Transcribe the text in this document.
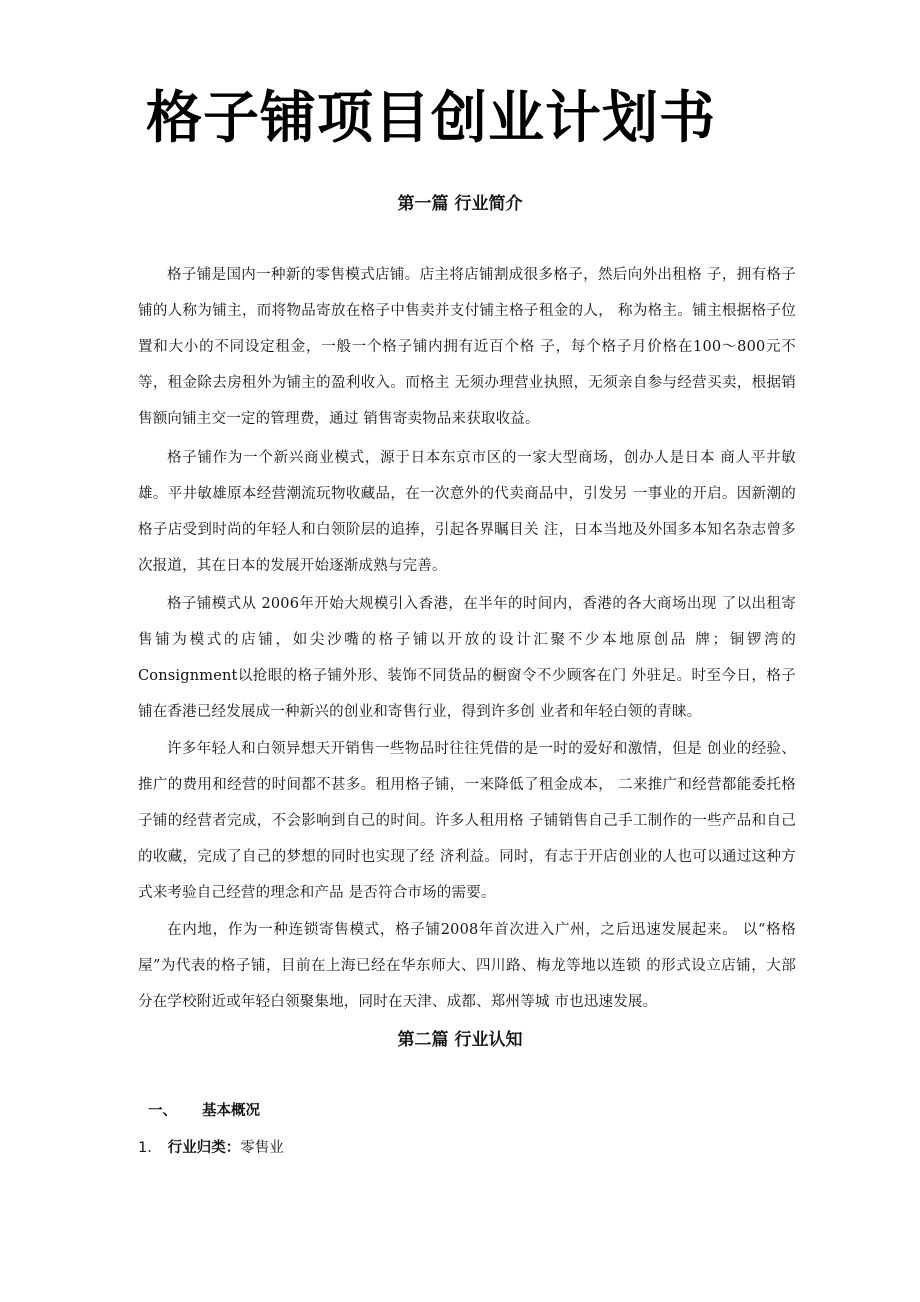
格子铺项目创业计划书
第一篇 行业简介

格子铺是国内一种新的零售模式店铺。店主将店铺割成很多格子，然后向外出租格 子，拥有格子铺的人称为铺主，而将物品寄放在格子中售卖并支付铺主格子租金的人， 称为格主。铺主根据格子位置和大小的不同设定租金，一般一个格子铺内拥有近百个格 子，每个格子月价格在100～800元不等，租金除去房租外为铺主的盈利收入。而格主 无须办理营业执照，无须亲自参与经营买卖，根据销售额向铺主交一定的管理费，通过 销售寄卖物品来获取收益。

格子铺作为一个新兴商业模式，源于日本东京市区的一家大型商场，创办人是日本 商人平井敏雄。平井敏雄原本经营潮流玩物收藏品，在一次意外的代卖商品中，引发另 一事业的开启。因新潮的格子店受到时尚的年轻人和白领阶层的追捧，引起各界瞩目关 注，日本当地及外国多本知名杂志曾多次报道，其在日本的发展开始逐渐成熟与完善。

格子铺模式从 2006年开始大规模引入香港，在半年的时间内，香港的各大商场出现 了以出租寄售铺为模式的店铺，如尖沙嘴的格子铺以开放的设计汇聚不少本地原创品 牌；铜锣湾的Consignment以抢眼的格子铺外形、装饰不同货品的橱窗令不少顾客在门 外驻足。时至今日，格子铺在香港已经发展成一种新兴的创业和寄售行业，得到许多创 业者和年轻白领的青睐。

许多年轻人和白领异想天开销售一些物品时往往凭借的是一时的爱好和激情，但是 创业的经验、推广的费用和经营的时间都不甚多。租用格子铺，一来降低了租金成本， 二来推广和经营都能委托格子铺的经营者完成，不会影响到自己的时间。许多人租用格 子铺销售自己手工制作的一些产品和自己的收藏，完成了自己的梦想的同时也实现了经 济利益。同时，有志于开店创业的人也可以通过这种方式来考验自己经营的理念和产品 是否符合市场的需要。

在内地，作为一种连锁寄售模式，格子铺2008年首次进入广州，之后迅速发展起来。 以“格格屋”为代表的格子铺，目前在上海已经在华东师大、四川路、梅龙等地以连锁 的形式设立店铺，大部分在学校附近或年轻白领聚集地，同时在天津、成都、郑州等城 市也迅速发展。

第二篇 行业认知
一、 基本概况
1． 行业归类：零售业
